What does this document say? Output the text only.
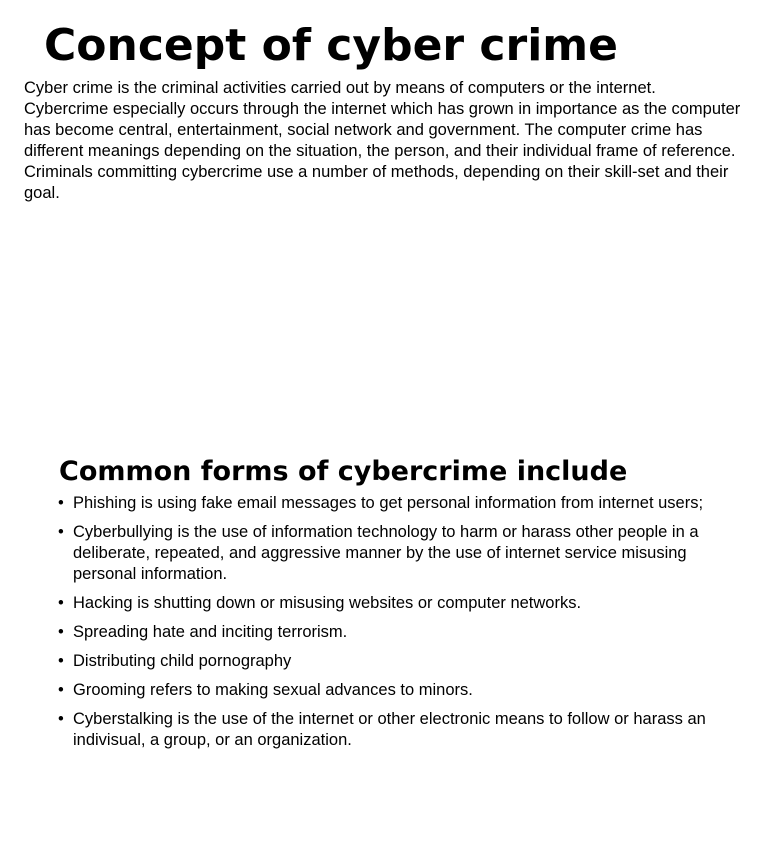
Concept of cyber crime

Cyber crime is the criminal activities carried out by means of computers or the internet. Cybercrime especially occurs through the internet which has grown in importance as the computer has become central, entertainment, social network and government. The computer crime has different meanings depending on the situation, the person, and their individual frame of reference. Criminals committing cybercrime use a number of methods, depending on their skill-set and their goal.

Common forms of cybercrime include
• Phishing is using fake email messages to get personal information from internet users;
• Cyberbullying is the use of information technology to harm or harass other people in a deliberate, repeated, and aggressive manner by the use of internet service misusing personal information.
• Hacking is shutting down or misusing websites or computer networks.
• Spreading hate and inciting terrorism.
• Distributing child pornography
• Grooming refers to making sexual advances to minors.
• Cyberstalking is the use of the internet or other electronic means to follow or harass an indivisual, a group, or an organization.
